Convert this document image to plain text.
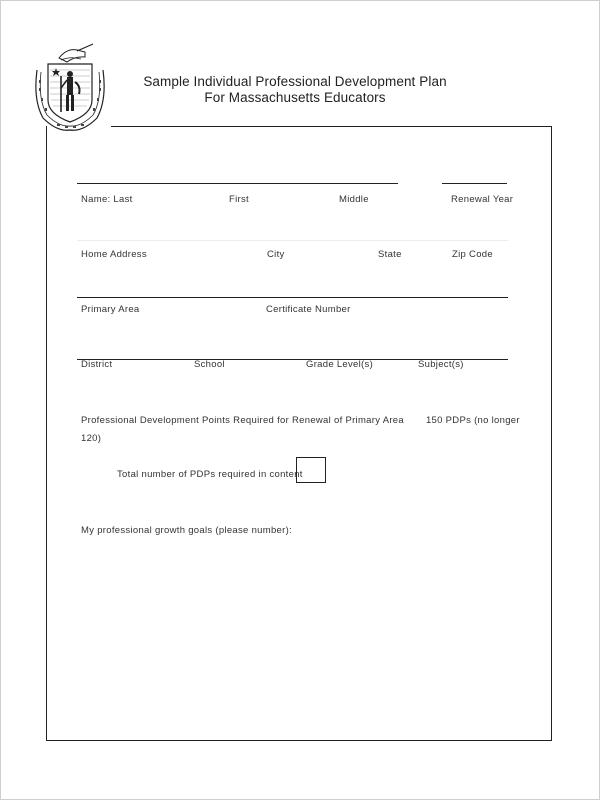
Sample Individual Professional Development Plan
For Massachusetts Educators
Name: Last	First	Middle	Renewal Year
Home Address	City	State	Zip Code
Primary Area	Certificate Number
District	School	Grade Level(s)	Subject(s)
Professional Development Points Required for Renewal of Primary Area 150 PDPs (no longer 120)
Total number of PDPs required in content
My professional growth goals (please number):
